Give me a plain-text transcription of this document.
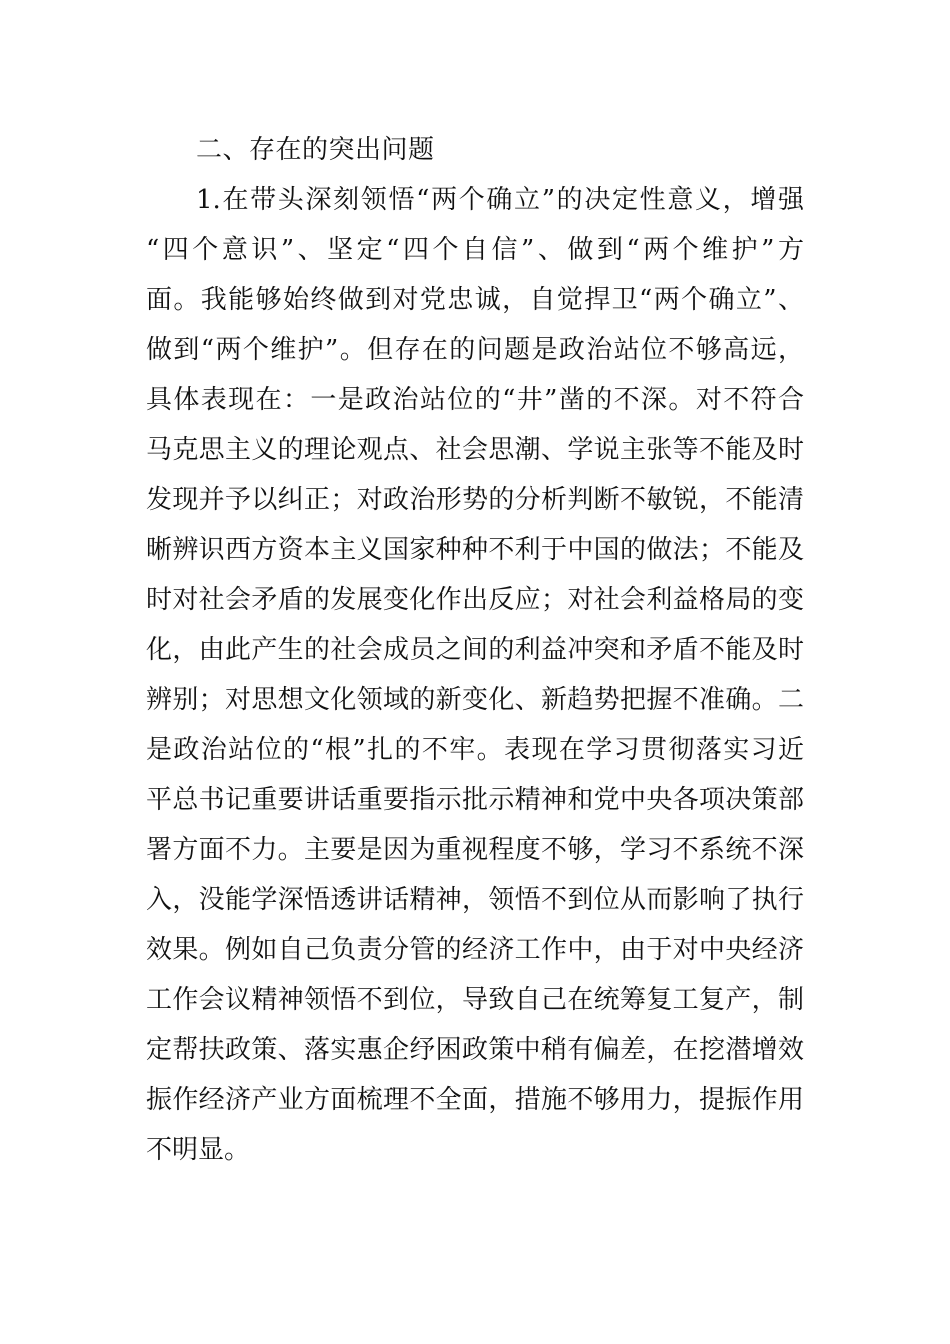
二、存在的突出问题
1.在带头深刻领悟“两个确立”的决定性意义，增强
“四个意识”、坚定“四个自信”、做到“两个维护”方
面。我能够始终做到对党忠诚，自觉捍卫“两个确立”、
做到“两个维护”。但存在的问题是政治站位不够高远，
具体表现在：一是政治站位的“井”凿的不深。对不符合
马克思主义的理论观点、社会思潮、学说主张等不能及时
发现并予以纠正；对政治形势的分析判断不敏锐，不能清
晰辨识西方资本主义国家种种不利于中国的做法；不能及
时对社会矛盾的发展变化作出反应；对社会利益格局的变
化，由此产生的社会成员之间的利益冲突和矛盾不能及时
辨别；对思想文化领域的新变化、新趋势把握不准确。二
是政治站位的“根”扎的不牢。表现在学习贯彻落实习近
平总书记重要讲话重要指示批示精神和党中央各项决策部
署方面不力。主要是因为重视程度不够，学习不系统不深
入，没能学深悟透讲话精神，领悟不到位从而影响了执行
效果。例如自己负责分管的经济工作中，由于对中央经济
工作会议精神领悟不到位，导致自己在统筹复工复产，制
定帮扶政策、落实惠企纾困政策中稍有偏差，在挖潜增效
振作经济产业方面梳理不全面，措施不够用力，提振作用
不明显。
